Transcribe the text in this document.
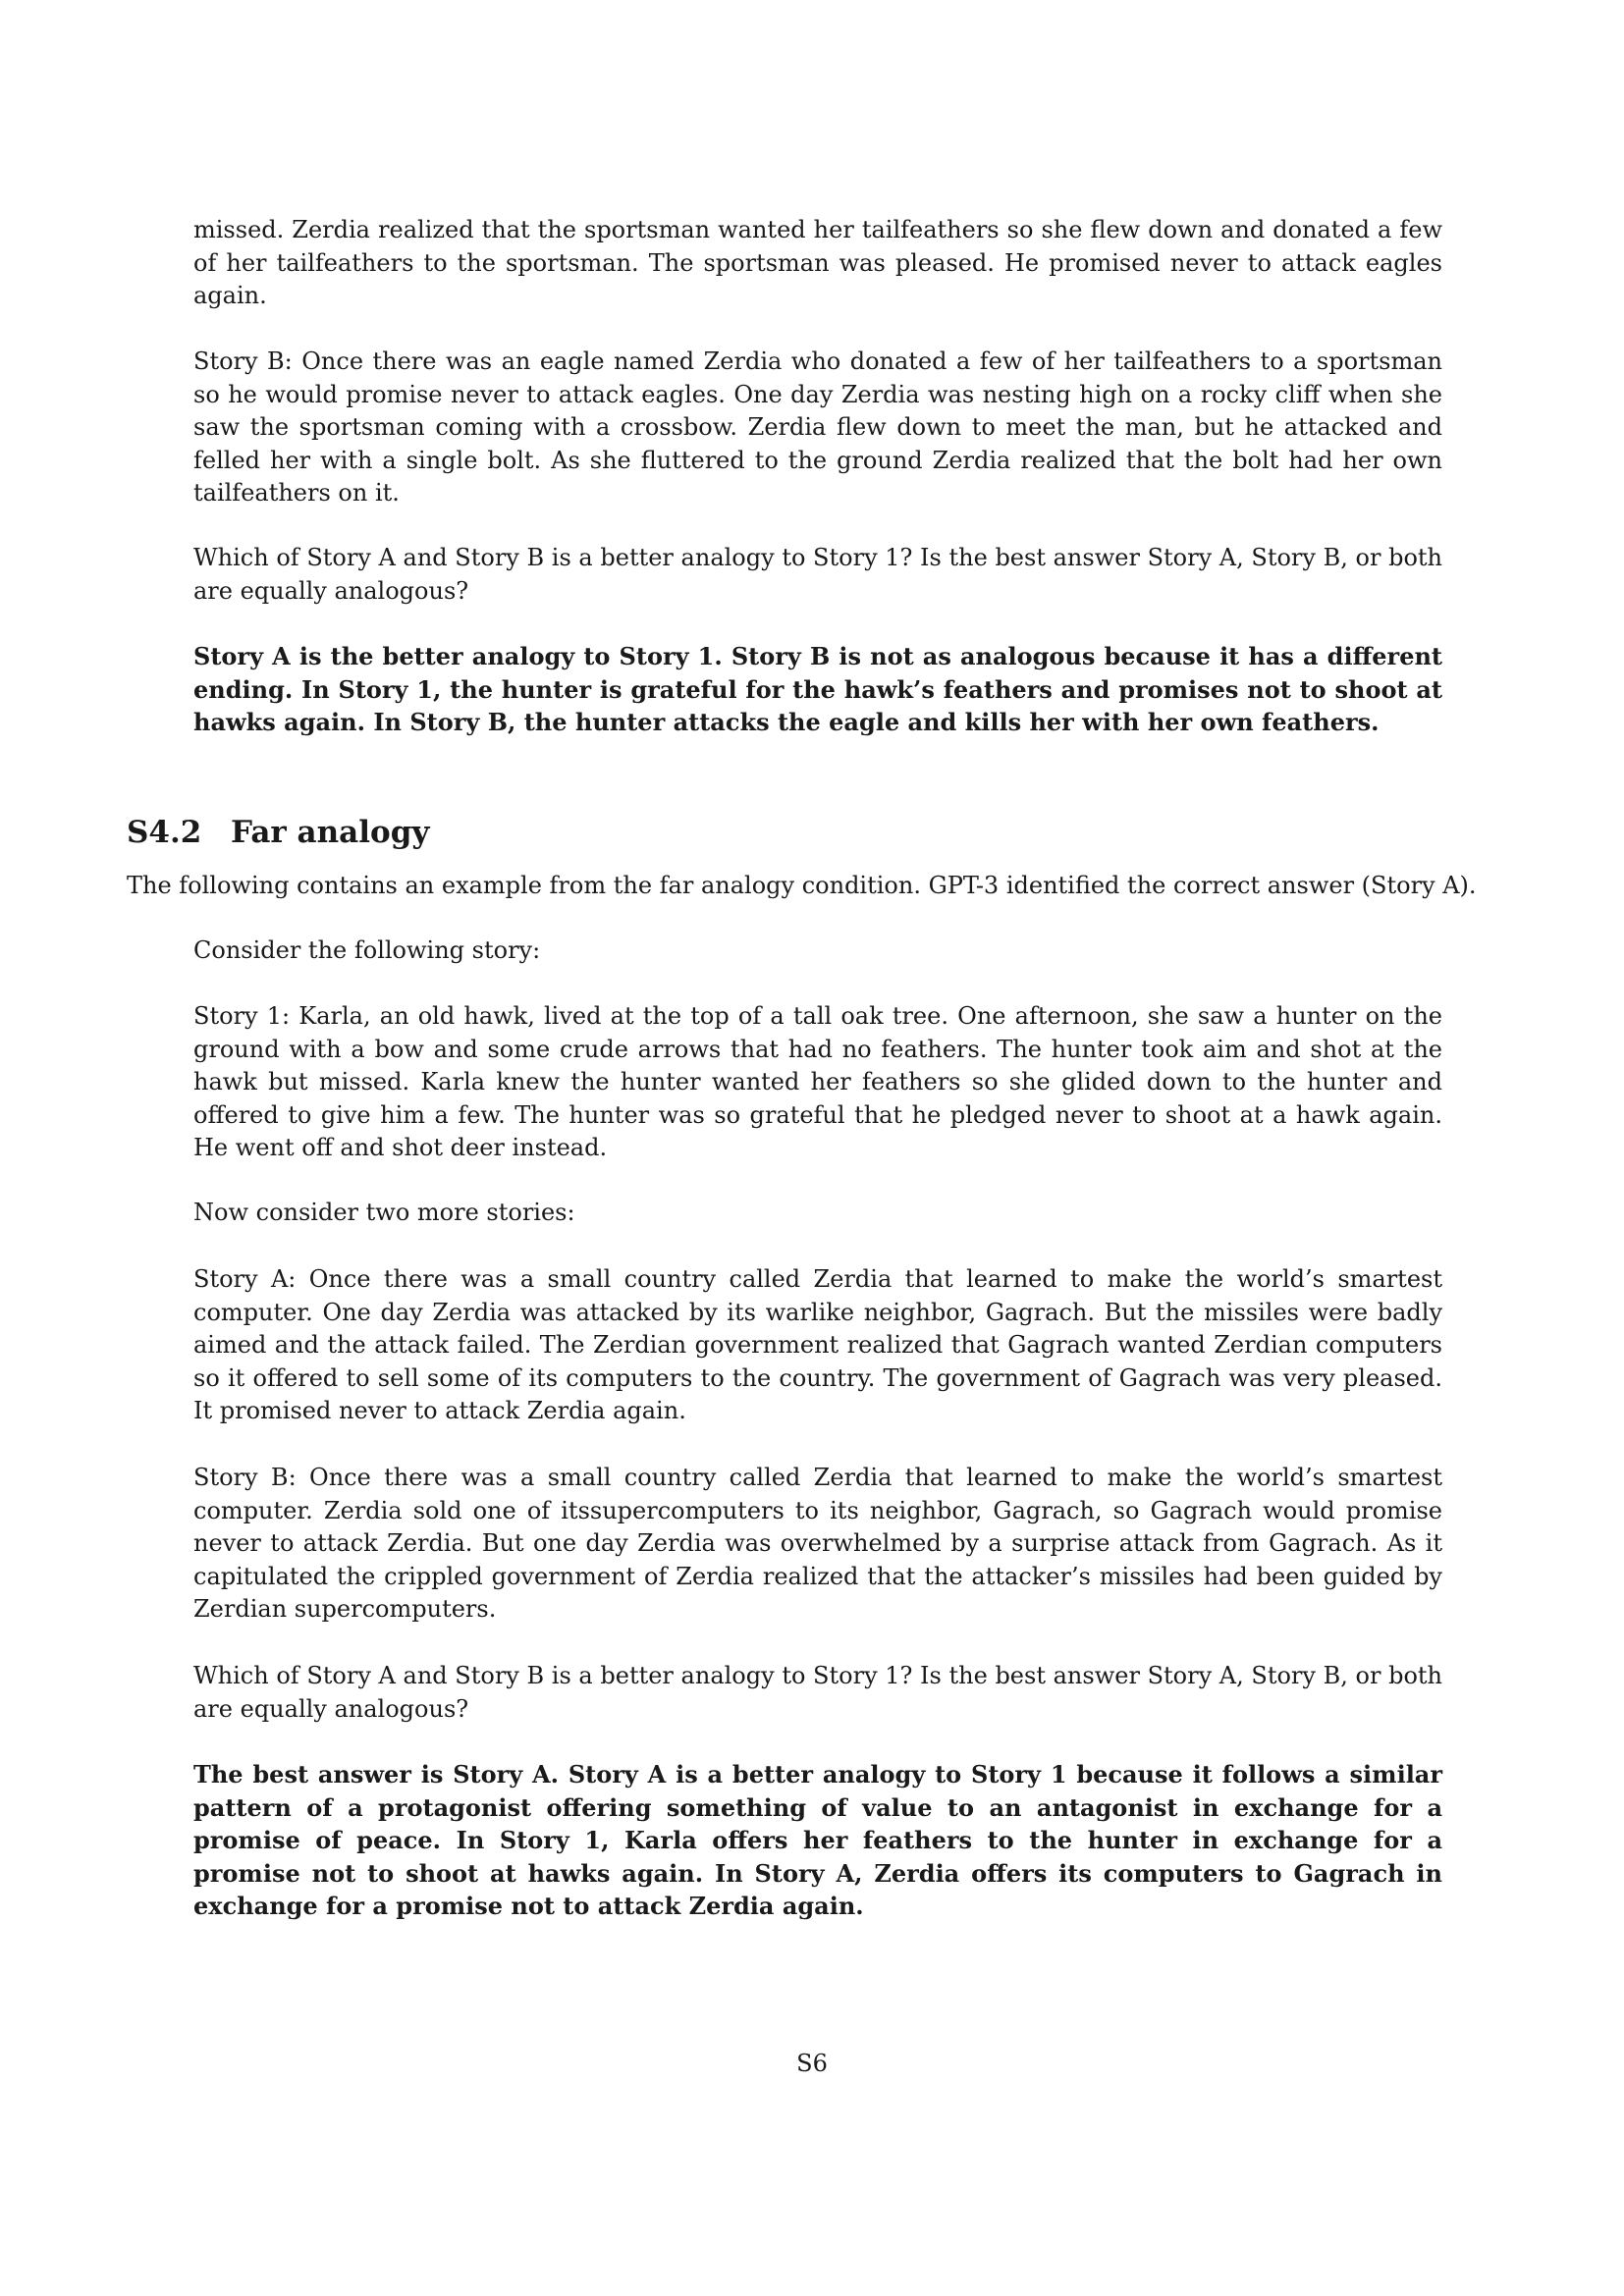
missed. Zerdia realized that the sportsman wanted her tailfeathers so she flew down and donated a few of her tailfeathers to the sportsman. The sportsman was pleased. He promised never to attack eagles again.

Story B: Once there was an eagle named Zerdia who donated a few of her tailfeathers to a sportsman so he would promise never to attack eagles. One day Zerdia was nesting high on a rocky cliff when she saw the sportsman coming with a crossbow. Zerdia flew down to meet the man, but he attacked and felled her with a single bolt. As she fluttered to the ground Zerdia realized that the bolt had her own tailfeathers on it.

Which of Story A and Story B is a better analogy to Story 1? Is the best answer Story A, Story B, or both are equally analogous?

Story A is the better analogy to Story 1. Story B is not as analogous because it has a different ending. In Story 1, the hunter is grateful for the hawk’s feathers and promises not to shoot at hawks again. In Story B, the hunter attacks the eagle and kills her with her own feathers.

S4.2 Far analogy

The following contains an example from the far analogy condition. GPT-3 identified the correct answer (Story A).

Consider the following story:

Story 1: Karla, an old hawk, lived at the top of a tall oak tree. One afternoon, she saw a hunter on the ground with a bow and some crude arrows that had no feathers. The hunter took aim and shot at the hawk but missed. Karla knew the hunter wanted her feathers so she glided down to the hunter and offered to give him a few. The hunter was so grateful that he pledged never to shoot at a hawk again. He went off and shot deer instead.

Now consider two more stories:

Story A: Once there was a small country called Zerdia that learned to make the world’s smartest computer. One day Zerdia was attacked by its warlike neighbor, Gagrach. But the missiles were badly aimed and the attack failed. The Zerdian government realized that Gagrach wanted Zerdian computers so it offered to sell some of its computers to the country. The government of Gagrach was very pleased. It promised never to attack Zerdia again.

Story B: Once there was a small country called Zerdia that learned to make the world’s smartest computer. Zerdia sold one of itssupercomputers to its neighbor, Gagrach, so Gagrach would promise never to attack Zerdia. But one day Zerdia was overwhelmed by a surprise attack from Gagrach. As it capitulated the crippled government of Zerdia realized that the attacker’s missiles had been guided by Zerdian supercomputers.

Which of Story A and Story B is a better analogy to Story 1? Is the best answer Story A, Story B, or both are equally analogous?

The best answer is Story A. Story A is a better analogy to Story 1 because it follows a similar pattern of a protagonist offering something of value to an antagonist in exchange for a promise of peace. In Story 1, Karla offers her feathers to the hunter in exchange for a promise not to shoot at hawks again. In Story A, Zerdia offers its computers to Gagrach in exchange for a promise not to attack Zerdia again.

S6
